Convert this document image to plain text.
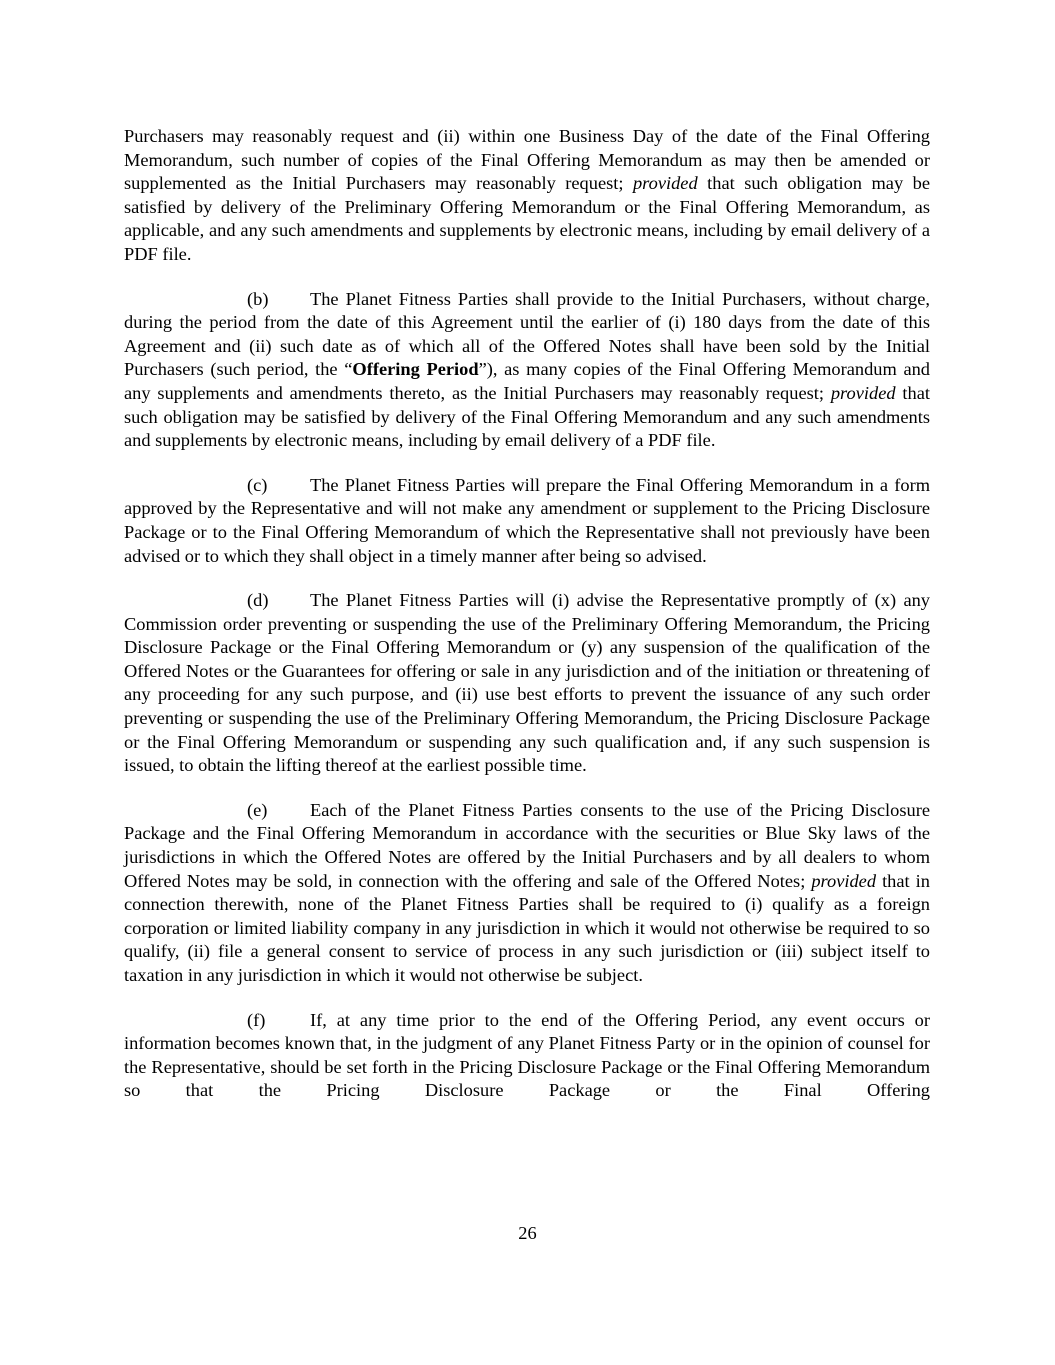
Purchasers may reasonably request and (ii) within one Business Day of the date of the Final Offering Memorandum, such number of copies of the Final Offering Memorandum as may then be amended or supplemented as the Initial Purchasers may reasonably request; provided that such obligation may be satisfied by delivery of the Preliminary Offering Memorandum or the Final Offering Memorandum, as applicable, and any such amendments and supplements by electronic means, including by email delivery of a PDF file.

(b) The Planet Fitness Parties shall provide to the Initial Purchasers, without charge, during the period from the date of this Agreement until the earlier of (i) 180 days from the date of this Agreement and (ii) such date as of which all of the Offered Notes shall have been sold by the Initial Purchasers (such period, the “Offering Period”), as many copies of the Final Offering Memorandum and any supplements and amendments thereto, as the Initial Purchasers may reasonably request; provided that such obligation may be satisfied by delivery of the Final Offering Memorandum and any such amendments and supplements by electronic means, including by email delivery of a PDF file.

(c) The Planet Fitness Parties will prepare the Final Offering Memorandum in a form approved by the Representative and will not make any amendment or supplement to the Pricing Disclosure Package or to the Final Offering Memorandum of which the Representative shall not previously have been advised or to which they shall object in a timely manner after being so advised.

(d) The Planet Fitness Parties will (i) advise the Representative promptly of (x) any Commission order preventing or suspending the use of the Preliminary Offering Memorandum, the Pricing Disclosure Package or the Final Offering Memorandum or (y) any suspension of the qualification of the Offered Notes or the Guarantees for offering or sale in any jurisdiction and of the initiation or threatening of any proceeding for any such purpose, and (ii) use best efforts to prevent the issuance of any such order preventing or suspending the use of the Preliminary Offering Memorandum, the Pricing Disclosure Package or the Final Offering Memorandum or suspending any such qualification and, if any such suspension is issued, to obtain the lifting thereof at the earliest possible time.

(e) Each of the Planet Fitness Parties consents to the use of the Pricing Disclosure Package and the Final Offering Memorandum in accordance with the securities or Blue Sky laws of the jurisdictions in which the Offered Notes are offered by the Initial Purchasers and by all dealers to whom Offered Notes may be sold, in connection with the offering and sale of the Offered Notes; provided that in connection therewith, none of the Planet Fitness Parties shall be required to (i) qualify as a foreign corporation or limited liability company in any jurisdiction in which it would not otherwise be required to so qualify, (ii) file a general consent to service of process in any such jurisdiction or (iii) subject itself to taxation in any jurisdiction in which it would not otherwise be subject.

(f) If, at any time prior to the end of the Offering Period, any event occurs or information becomes known that, in the judgment of any Planet Fitness Party or in the opinion of counsel for the Representative, should be set forth in the Pricing Disclosure Package or the Final Offering Memorandum so that the Pricing Disclosure Package or the Final Offering

26
